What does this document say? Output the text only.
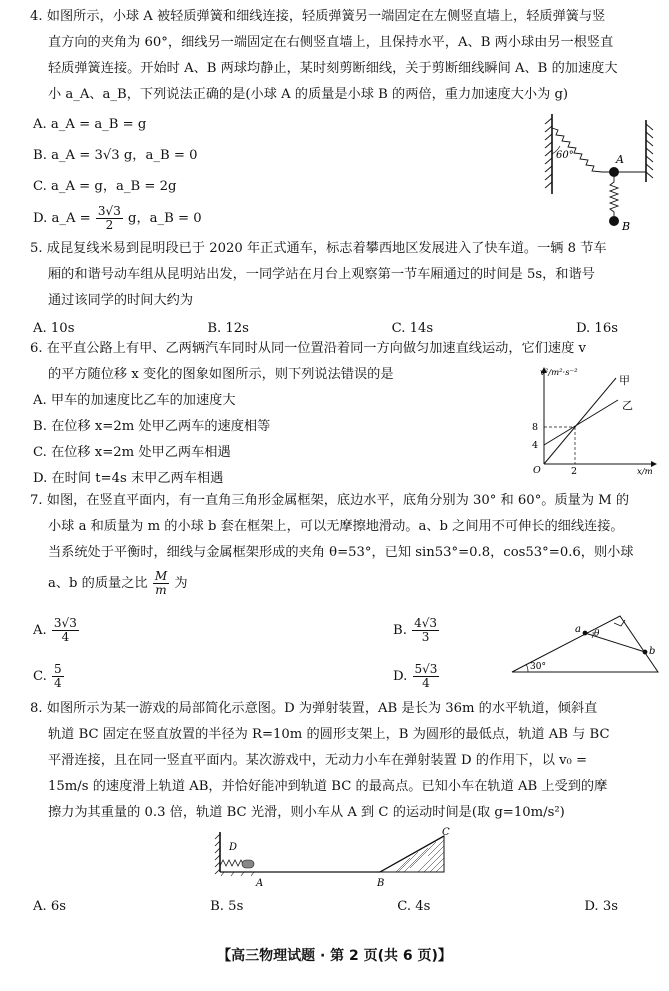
4. 如图所示，小球 A 被轻质弹簧和细线连接，轻质弹簧另一端固定在左侧竖直墙上，轻质弹簧与竖

直方向的夹角为 60°，细线另一端固定在右侧竖直墙上，且保持水平，A、B 两小球由另一根竖直

轻质弹簧连接。开始时 A、B 两球均静止，某时刻剪断细线，关于剪断细线瞬间 A、B 的加速度大

小 a_A、a_B，下列说法正确的是(小球 A 的质量是小球 B 的两倍，重力加速度大小为 g)

A. a_A = a_B = g

B. a_A = 3√3 g，a_B = 0

C. a_A = g，a_B = 2g

D. a_A = $\frac{3√3}{2}$ g，a_B = 0

60°	A
B

5. 成昆复线米易到昆明段已于 2020 年正式通车，标志着攀西地区发展进入了快车道。一辆 8 节车

厢的和谐号动车组从昆明站出发，一同学站在月台上观察第一节车厢通过的时间是 5s，和谐号

通过该同学的时间大约为

A. 10s	B. 12s	C. 14s	D. 16s

6. 在平直公路上有甲、乙两辆汽车同时从同一位置沿着同一方向做匀加速直线运动，它们速度 v

的平方随位移 x 变化的图象如图所示，则下列说法错误的是

A. 甲车的加速度比乙车的加速度大

B. 在位移 x=2m 处甲乙两车的速度相等

C. 在位移 x=2m 处甲乙两车相遇

D. 在时间 t=4s 末甲乙两车相遇

v²/m²·s⁻²
x/m
O
8
4
2
甲
乙

7. 如图，在竖直平面内，有一直角三角形金属框架，底边水平，底角分别为 30° 和 60°。质量为 M 的

小球 a 和质量为 m 的小球 b 套在框架上，可以无摩擦地滑动。a、b 之间用不可伸长的细线连接。

当系统处于平衡时，细线与金属框架形成的夹角 θ=53°，已知 sin53°=0.8，cos53°=0.6，则小球

a、b 的质量之比 $\frac{M}{m}$ 为

A. $\frac{3√3}{4}$	B. $\frac{4√3}{3}$
C. $\frac{5}{4}$	D. $\frac{5√3}{4}$	30°
a
b
θ

8. 如图所示为某一游戏的局部简化示意图。D 为弹射装置，AB 是长为 36m 的水平轨道，倾斜直

轨道 BC 固定在竖直放置的半径为 R=10m 的圆形支架上，B 为圆形的最低点，轨道 AB 与 BC

平滑连接，且在同一竖直平面内。某次游戏中，无动力小车在弹射装置 D 的作用下，以 v₀ =

15m/s 的速度滑上轨道 AB，并恰好能冲到轨道 BC 的最高点。已知小车在轨道 AB 上受到的摩

擦力为其重量的 0.3 倍，轨道 BC 光滑，则小车从 A 到 C 的运动时间是(取 g=10m/s²)

D
A	B
C
A. 6s	B. 5s	C. 4s	D. 3s
【高三物理试题 · 第 2 页(共 6 页)】
